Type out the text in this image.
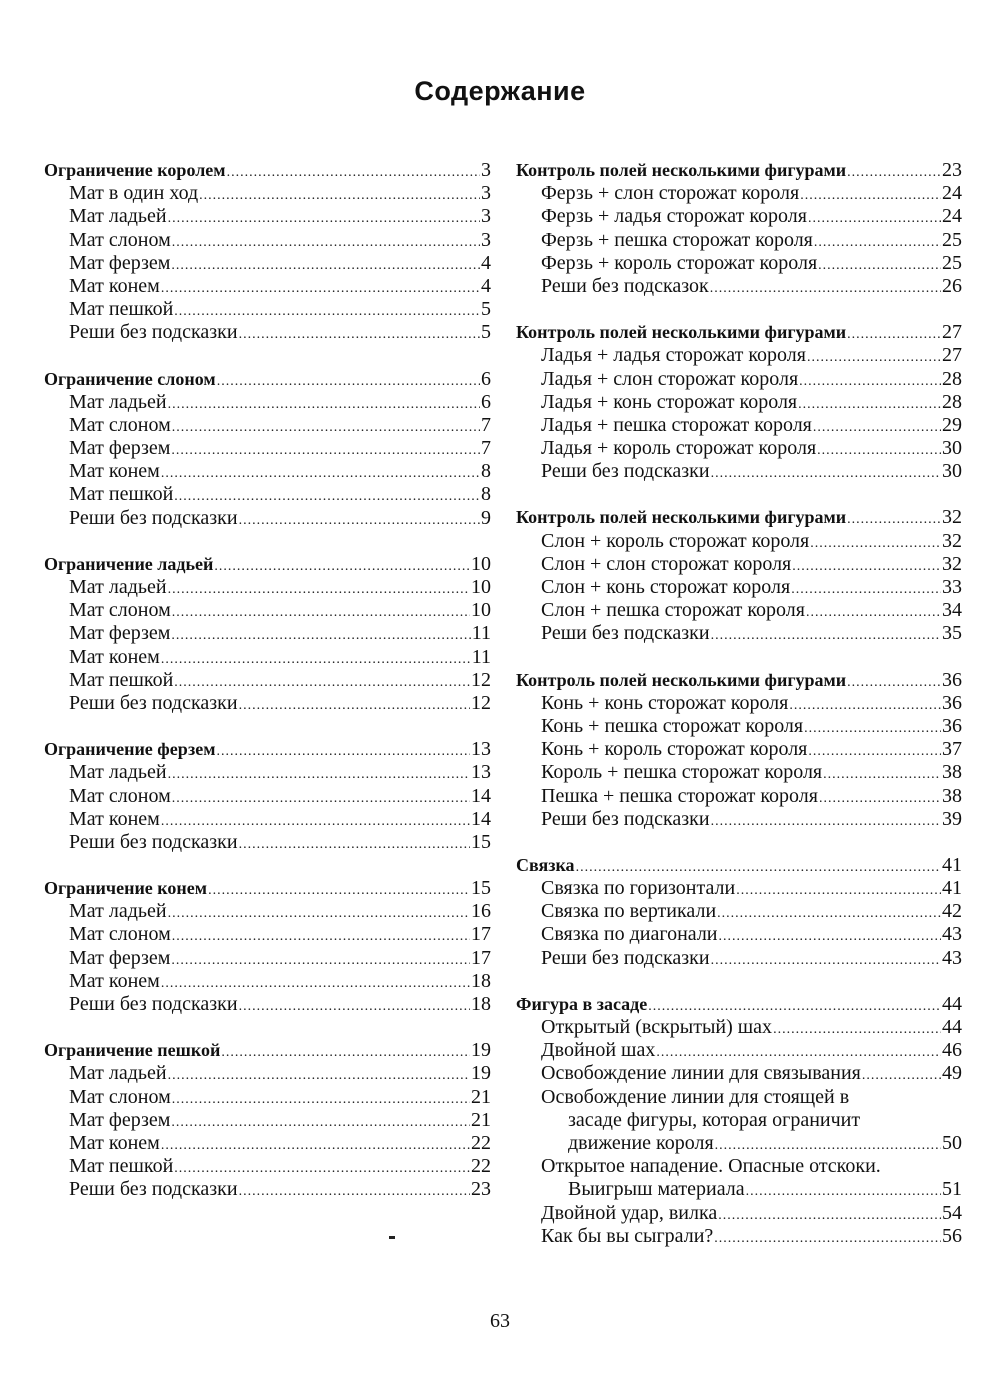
Содержание
Ограничение королем .....	3
Мат в один ход .....	3
Мат ладьей .....	3
Мат слоном .....	3
Мат ферзем .....	4
Мат конем .....	4
Мат пешкой .....	5
Реши без подсказки .....	5
Ограничение слоном .....	6
Мат ладьей .....	6
Мат слоном .....	7
Мат ферзем .....	7
Мат конем .....	8
Мат пешкой .....	8
Реши без подсказки .....	9
Ограничение ладьей .....	10
Мат ладьей .....	10
Мат слоном .....	10
Мат ферзем .....	11
Мат конем .....	11
Мат пешкой .....	12
Реши без подсказки .....	12
Ограничение ферзем .....	13
Мат ладьей .....	13
Мат слоном .....	14
Мат конем .....	14
Реши без подсказки .....	15
Ограничение конем .....	15
Мат ладьей .....	16
Мат слоном .....	17
Мат ферзем .....	17
Мат конем .....	18
Реши без подсказки .....	18
Ограничение пешкой .....	19
Мат ладьей .....	19
Мат слоном .....	21
Мат ферзем .....	21
Мат конем .....	22
Мат пешкой .....	22
Реши без подсказки .....	23
Контроль полей несколькими фигурами .....	23
Ферзь + слон сторожат короля .....	24
Ферзь + ладья сторожат короля .....	24
Ферзь + пешка сторожат короля .....	25
Ферзь + король сторожат короля .....	25
Реши без подсказок .....	26
Контроль полей несколькими фигурами .....	27
Ладья + ладья сторожат короля .....	27
Ладья + слон сторожат короля .....	28
Ладья + конь сторожат короля .....	28
Ладья + пешка сторожат короля .....	29
Ладья + король сторожат короля .....	30
Реши без подсказки .....	30
Контроль полей несколькими фигурами .....	32
Слон + король сторожат короля .....	32
Слон + слон сторожат короля .....	32
Слон + конь сторожат короля .....	33
Слон + пешка сторожат короля .....	34
Реши без подсказки .....	35
Контроль полей несколькими фигурами .....	36
Конь + конь сторожат короля .....	36
Конь + пешка сторожат короля .....	36
Конь + король сторожат короля .....	37
Король + пешка сторожат короля .....	38
Пешка + пешка сторожат короля .....	38
Реши без подсказки .....	39
Связка .....	41
Связка по горизонтали .....	41
Связка по вертикали .....	42
Связка по диагонали .....	43
Реши без подсказки .....	43
Фигура в засаде .....	44
Открытый (вскрытый) шах .....	44
Двойной шах .....	46
Освобождение линии для связывания .....	49
Освобождение линии для стоящей в
засаде фигуры, которая ограничит
движение короля .....	50
Открытое нападение. Опасные отскоки.
Выигрыш материала .....	51
Двойной удар, вилка .....	54
Как бы вы сыграли? .....	56
63
